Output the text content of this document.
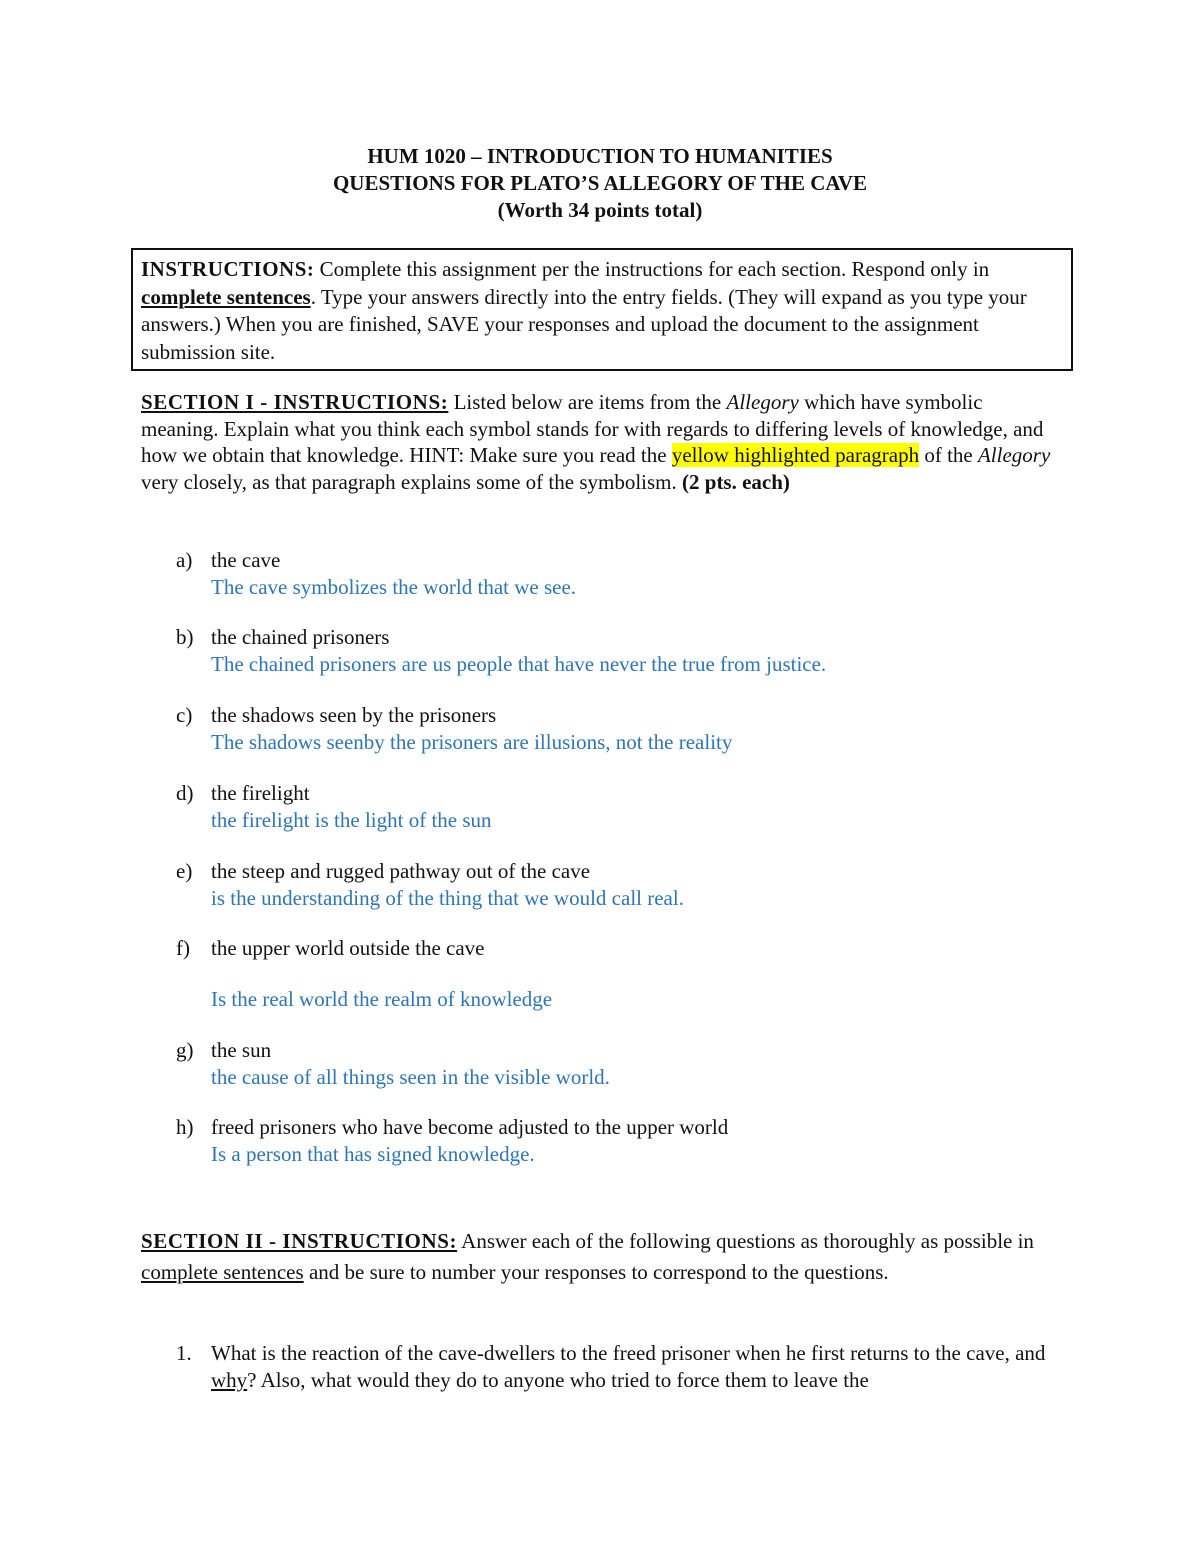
HUM 1020 – INTRODUCTION TO HUMANITIES
QUESTIONS FOR PLATO’S ALLEGORY OF THE CAVE
(Worth 34 points total)
INSTRUCTIONS: Complete this assignment per the instructions for each section. Respond only in complete sentences. Type your answers directly into the entry fields. (They will expand as you type your answers.) When you are finished, SAVE your responses and upload the document to the assignment submission site.
SECTION I - INSTRUCTIONS: Listed below are items from the Allegory which have symbolic meaning. Explain what you think each symbol stands for with regards to differing levels of knowledge, and how we obtain that knowledge. HINT: Make sure you read the yellow highlighted paragraph of the Allegory very closely, as that paragraph explains some of the symbolism. (2 pts. each)
a) the cave
The cave symbolizes the world that we see.
b) the chained prisoners
The chained prisoners are us people that have never the true from justice.
c) the shadows seen by the prisoners
The shadows seenby the prisoners are illusions, not the reality
d) the firelight
the firelight is the light of the sun
e) the steep and rugged pathway out of the cave
is the understanding of the thing that we would call real.
f) the upper world outside the cave
Is the real world the realm of knowledge
g) the sun
the cause of all things seen in the visible world.
h) freed prisoners who have become adjusted to the upper world
Is a person that has signed knowledge.
SECTION II - INSTRUCTIONS: Answer each of the following questions as thoroughly as possible in complete sentences and be sure to number your responses to correspond to the questions.
1. What is the reaction of the cave-dwellers to the freed prisoner when he first returns to the cave, and why? Also, what would they do to anyone who tried to force them to leave the
